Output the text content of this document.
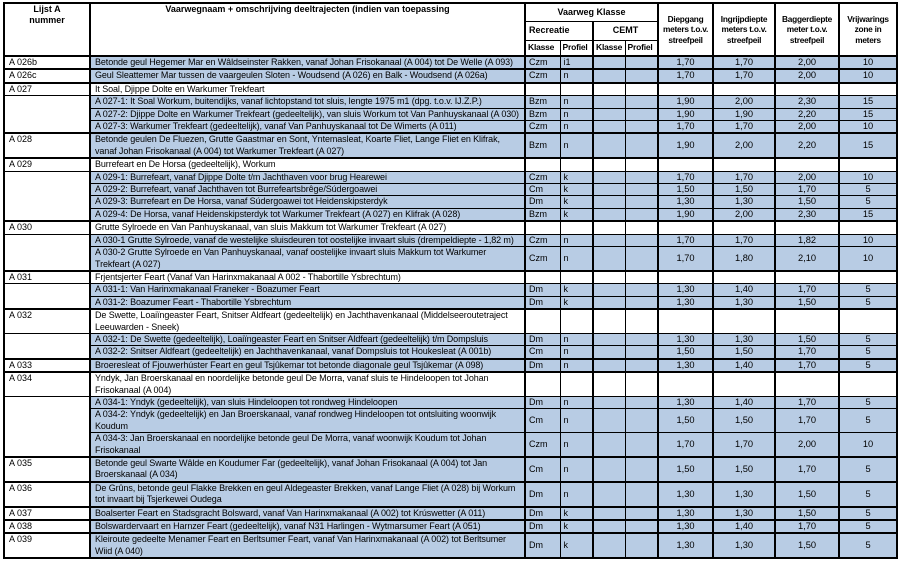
Lijst A nummer	Vaarwegnaam + omschrijving deeltrajecten (indien van toepassing	Vaarweg Klasse				Diepgang meters t.o.v. streefpeil	Ingrijpdiepte meters t.o.v. streefpeil	Baggerdiepte meter t.o.v. streefpeil	Vrijwarings zone in meters
		Recreatie		CEMT					
		Klasse	Profiel	Klasse	Profiel				
A 026b	Betonde geul Hegemer Mar en Wâldseinster Rakken, vanaf Johan Frisokanaal (A 004) tot De Welle (A 093)	Czm	i1			1,70	1,70	2,00	10
A 026c	Geul Sleattemer Mar tussen de vaargeulen Sloten - Woudsend (A 026) en Balk - Woudsend (A 026a)	Czm	n			1,70	1,70	2,00	10
A 027	It Soal, Djippe Dolte en Warkumer Trekfeart								
	A 027-1: It Soal Workum, buitendijks, vanaf lichtopstand tot sluis, lengte 1975 m1 (dpg. t.o.v. IJ.Z.P.)	Bzm	n			1,90	2,00	2,30	15
	A 027-2: Djippe Dolte en Warkumer Trekfeart (gedeeltelijk), van sluis Workum tot Van Panhuyskanaal (A 030)	Bzm	n			1,90	1,90	2,20	15
	A 027-3: Warkumer Trekfeart (gedeeltelijk), vanaf Van Panhuyskanaal tot De Wimerts (A 011)	Czm	n			1,70	1,70	2,00	10
A 028	Betonde geulen De Fluezen, Grutte Gaastmar en Sont, Yntemasleat, Koarte Fliet, Lange Fliet en Klifrak, vanaf Johan Frisokanaal (A 004) tot Warkumer Trekfeart (A 027)	Bzm	n			1,90	2,00	2,20	15
A 029	Burrefeart en De Horsa (gedeeltelijk), Workum								
	A 029-1: Burrefeart, vanaf Djippe Dolte t/m Jachthaven voor brug Hearewei	Czm	k			1,70	1,70	2,00	10
	A 029-2: Burrefeart, vanaf Jachthaven tot Burrefeartsbrêge/Súdergoawei	Cm	k			1,50	1,50	1,70	5
	A 029-3: Burrefeart en De Horsa, vanaf Súdergoawei tot Heidenskipsterdyk	Dm	k			1,30	1,30	1,50	5
	A 029-4: De Horsa, vanaf Heidenskipsterdyk tot Warkumer Trekfeart (A 027) en Klifrak (A 028)	Bzm	k			1,90	2,00	2,30	15
A 030	Grutte Sylroede en Van Panhuyskanaal, van sluis Makkum tot Warkumer Trekfeart (A 027)								
	A 030-1 Grutte Sylroede, vanaf de westelijke sluisdeuren tot oostelijke invaart sluis (drempeldiepte - 1,82 m)	Czm	n			1,70	1,70	1,82	10
	A 030-2 Grutte Sylroede en Van Panhuyskanaal, vanaf oostelijke invaart sluis Makkum tot Warkumer Trekfeart (A 027)	Czm	n			1,70	1,80	2,10	10
A 031	Frjentsjerter Feart (Vanaf Van Harinxmakanaal A 002 - Thabortille Ysbrechtum)								
	A 031-1: Van Harinxmakanaal Franeker - Boazumer Feart	Dm	k			1,30	1,40	1,70	5
	A 031-2: Boazumer Feart - Thabortille Ysbrechtum	Dm	k			1,30	1,30	1,50	5
A 032	De Swette, Loaiïngeaster Feart, Snitser Aldfeart (gedeeltelijk) en Jachthavenkanaal (Middelseeroutetraject Leeuwarden - Sneek)								
	A 032-1: De Swette (gedeeltelijk), Loaiïngeaster Feart en Snitser Aldfeart (gedeeltelijk) t/m Dompsluis	Dm	n			1,30	1,30	1,50	5
	A 032-2: Snitser Aldfeart (gedeeltelijk) en Jachthavenkanaal, vanaf Dompsluis tot Houkesleat (A 001b)	Cm	n			1,50	1,50	1,70	5
A 033	Broeresleat of Fjouwerhúster Feart en geul Tsjûkemar tot betonde diagonale geul Tsjûkemar (A 098)	Dm	n			1,30	1,40	1,70	5
A 034	Yndyk, Jan Broerskanaal en noordelijke betonde geul De Morra, vanaf sluis te Hindeloopen tot Johan Frisokanaal (A 004)								
	A 034-1: Yndyk (gedeeltelijk), van sluis Hindeloopen tot rondweg Hindeloopen	Dm	n			1,30	1,40	1,70	5
	A 034-2: Yndyk (gedeeltelijk) en Jan Broerskanaal, vanaf rondweg Hindeloopen tot ontsluiting woonwijk Koudum	Cm	n			1,50	1,50	1,70	5
	A 034-3: Jan Broerskanaal en noordelijke betonde geul De Morra, vanaf woonwijk Koudum tot Johan Frisokanaal	Czm	n			1,70	1,70	2,00	10
A 035	Betonde geul Swarte Wâlde en Koudumer Far (gedeeltelijk), vanaf Johan Frisokanaal (A 004) tot Jan Broerskanaal (A 034)	Cm	n			1,50	1,50	1,70	5
A 036	De Grûns, betonde geul Flakke Brekken en geul Aldegeaster Brekken, vanaf Lange Fliet (A 028) bij Workum tot invaart bij Tsjerkewei Oudega	Dm	n			1,30	1,30	1,50	5
A 037	Boalserter Feart en Stadsgracht Bolsward, vanaf Van Harinxmakanaal (A 002) tot Krúswetter (A 011)	Dm	k			1,30	1,30	1,50	5
A 038	Bolswardervaart en Harnzer Feart (gedeeltelijk), vanaf N31 Harlingen - Wytmarsumer Feart (A 051)	Dm	k			1,30	1,40	1,70	5
A 039	Kleiroute gedeelte Menamer Feart en Berltsumer Feart, vanaf Van Harinxmakanaal (A 002) tot Berltsumer Wiid (A 040)	Dm	k			1,30	1,30	1,50	5
